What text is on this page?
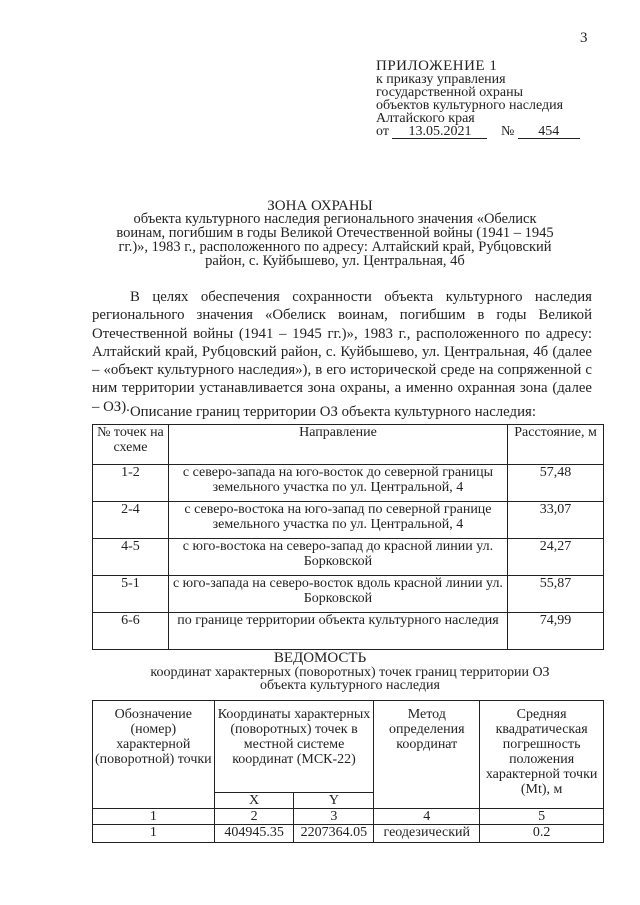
3
ПРИЛОЖЕНИЕ 1
к приказу управления
государственной охраны
объектов культурного наследия
Алтайского края
от 13.05.2021 № 454
ЗОНА ОХРАНЫ
объекта культурного наследия регионального значения «Обелиск воинам, погибшим в годы Великой Отечественной войны (1941 – 1945 гг.)», 1983 г., расположенного по адресу: Алтайский край, Рубцовский район, с. Куйбышево, ул. Центральная, 4б

В целях обеспечения сохранности объекта культурного наследия регионального значения «Обелиск воинам, погибшим в годы Великой Отечественной войны (1941 – 1945 гг.)», 1983 г., расположенного по адресу: Алтайский край, Рубцовский район, с. Куйбышево, ул. Центральная, 4б (далее – «объект культурного наследия»), в его исторической среде на сопряженной с ним территории устанавливается зона охраны, а именно охранная зона (далее – ОЗ). Описание границ территории ОЗ объекта культурного наследия:
№ точек на схеме	Направление	Расстояние, м
1-2	с северо-запада на юго-восток до северной границы земельного участка по ул. Центральной, 4	57,48
2-4	с северо-востока на юго-запад по северной границе земельного участка по ул. Центральной, 4	33,07
4-5	с юго-востока на северо-запад до красной линии ул. Борковской	24,27
5-1	с юго-запада на северо-восток вдоль красной линии ул. Борковской	55,87
6-6	по границе территории объекта культурного наследия	74,99
ВЕДОМОСТЬ
координат характерных (поворотных) точек границ территории ОЗ объекта культурного наследия
Обозначение (номер) характерной (поворотной) точки	Координаты характерных (поворотных) точек в местной системе координат (МСК-22)		Метод определения координат	Средняя квадратическая погрешность положения характерной точки (Mt), м
	X	Y		
1	2	3	4	5
1	404945.35	2207364.05	геодезический	0.2
